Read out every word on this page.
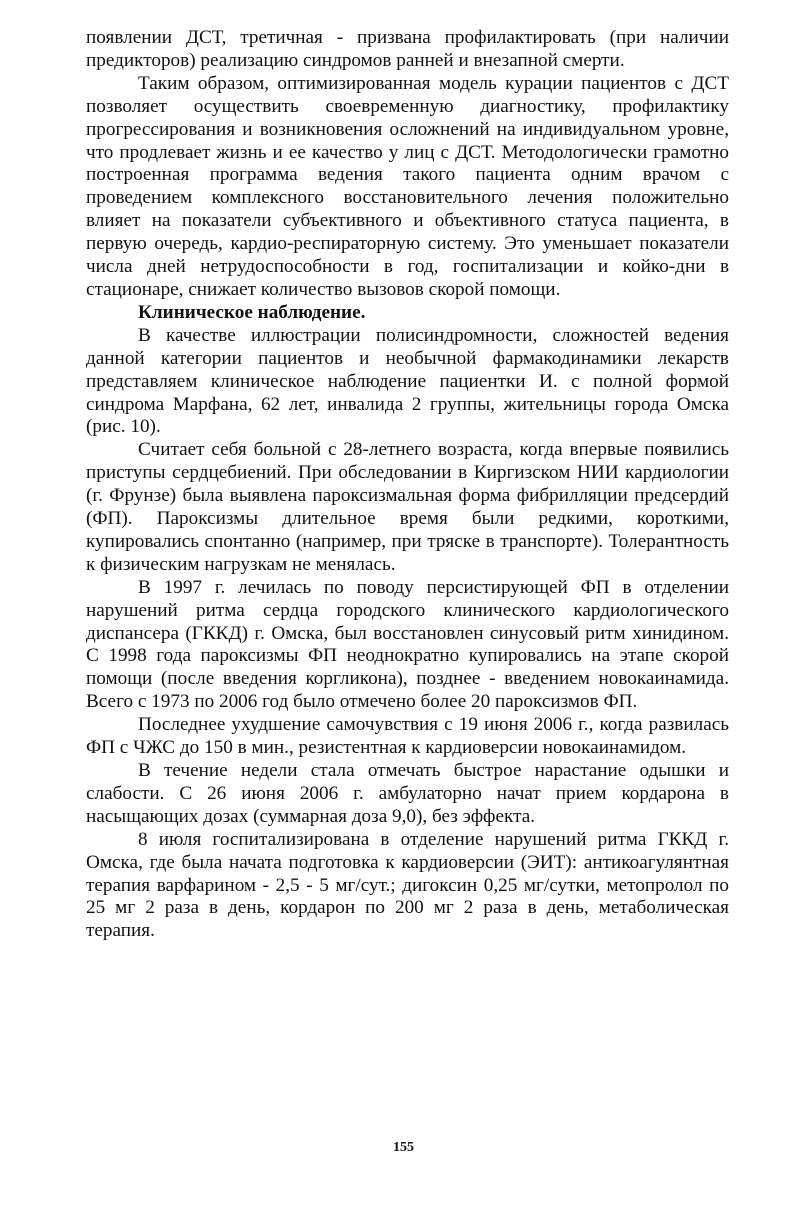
появлении ДСТ, третичная - призвана профилактировать (при наличии предикторов) реализацию синдромов ранней и внезапной смерти.

Таким образом, оптимизированная модель курации пациентов с ДСТ позволяет осуществить своевременную диагностику, профилактику прогрессирования и возникновения осложнений на индивидуальном уровне, что продлевает жизнь и ее качество у лиц с ДСТ. Методологически грамотно построенная программа ведения такого пациента одним врачом с проведением комплексного восстановительного лечения положительно влияет на показатели субъективного и объективного статуса пациента, в первую очередь, кардио-респираторную систему. Это уменьшает показатели числа дней нетрудоспособности в год, госпитализации и койко-дни в стационаре, снижает количество вызовов скорой помощи.

Клиническое наблюдение.

В качестве иллюстрации полисиндромности, сложностей ведения данной категории пациентов и необычной фармакодинамики лекарств представляем клиническое наблюдение пациентки И. с полной формой синдрома Марфана, 62 лет, инвалида 2 группы, жительницы города Омска (рис. 10).

Считает себя больной с 28-летнего возраста, когда впервые появились приступы сердцебиений. При обследовании в Киргизском НИИ кардиологии (г. Фрунзе) была выявлена пароксизмальная форма фибрилляции предсердий (ФП). Пароксизмы длительное время были редкими, короткими, купировались спонтанно (например, при тряске в транспорте). Толерантность к физическим нагрузкам не менялась.

В 1997 г. лечилась по поводу персистирующей ФП в отделении нарушений ритма сердца городского клинического кардиологического диспансера (ГККД) г. Омска, был восстановлен синусовый ритм хинидином. С 1998 года пароксизмы ФП неоднократно купировались на этапе скорой помощи (после введения коргликона), позднее - введением новокаинамида. Всего с 1973 по 2006 год было отмечено более 20 пароксизмов ФП.

Последнее ухудшение самочувствия с 19 июня 2006 г., когда развилась ФП с ЧЖС до 150 в мин., резистентная к кардиоверсии новокаинамидом.

В течение недели стала отмечать быстрое нарастание одышки и слабости. С 26 июня 2006 г. амбулаторно начат прием кордарона в насыщающих дозах (суммарная доза 9,0), без эффекта.

8 июля госпитализирована в отделение нарушений ритма ГККД г. Омска, где была начата подготовка к кардиоверсии (ЭИТ): антикоагулянтная терапия варфарином - 2,5 - 5 мг/сут.; дигоксин 0,25 мг/сутки, метопролол по 25 мг 2 раза в день, кордарон по 200 мг 2 раза в день, метаболическая терапия.

155
